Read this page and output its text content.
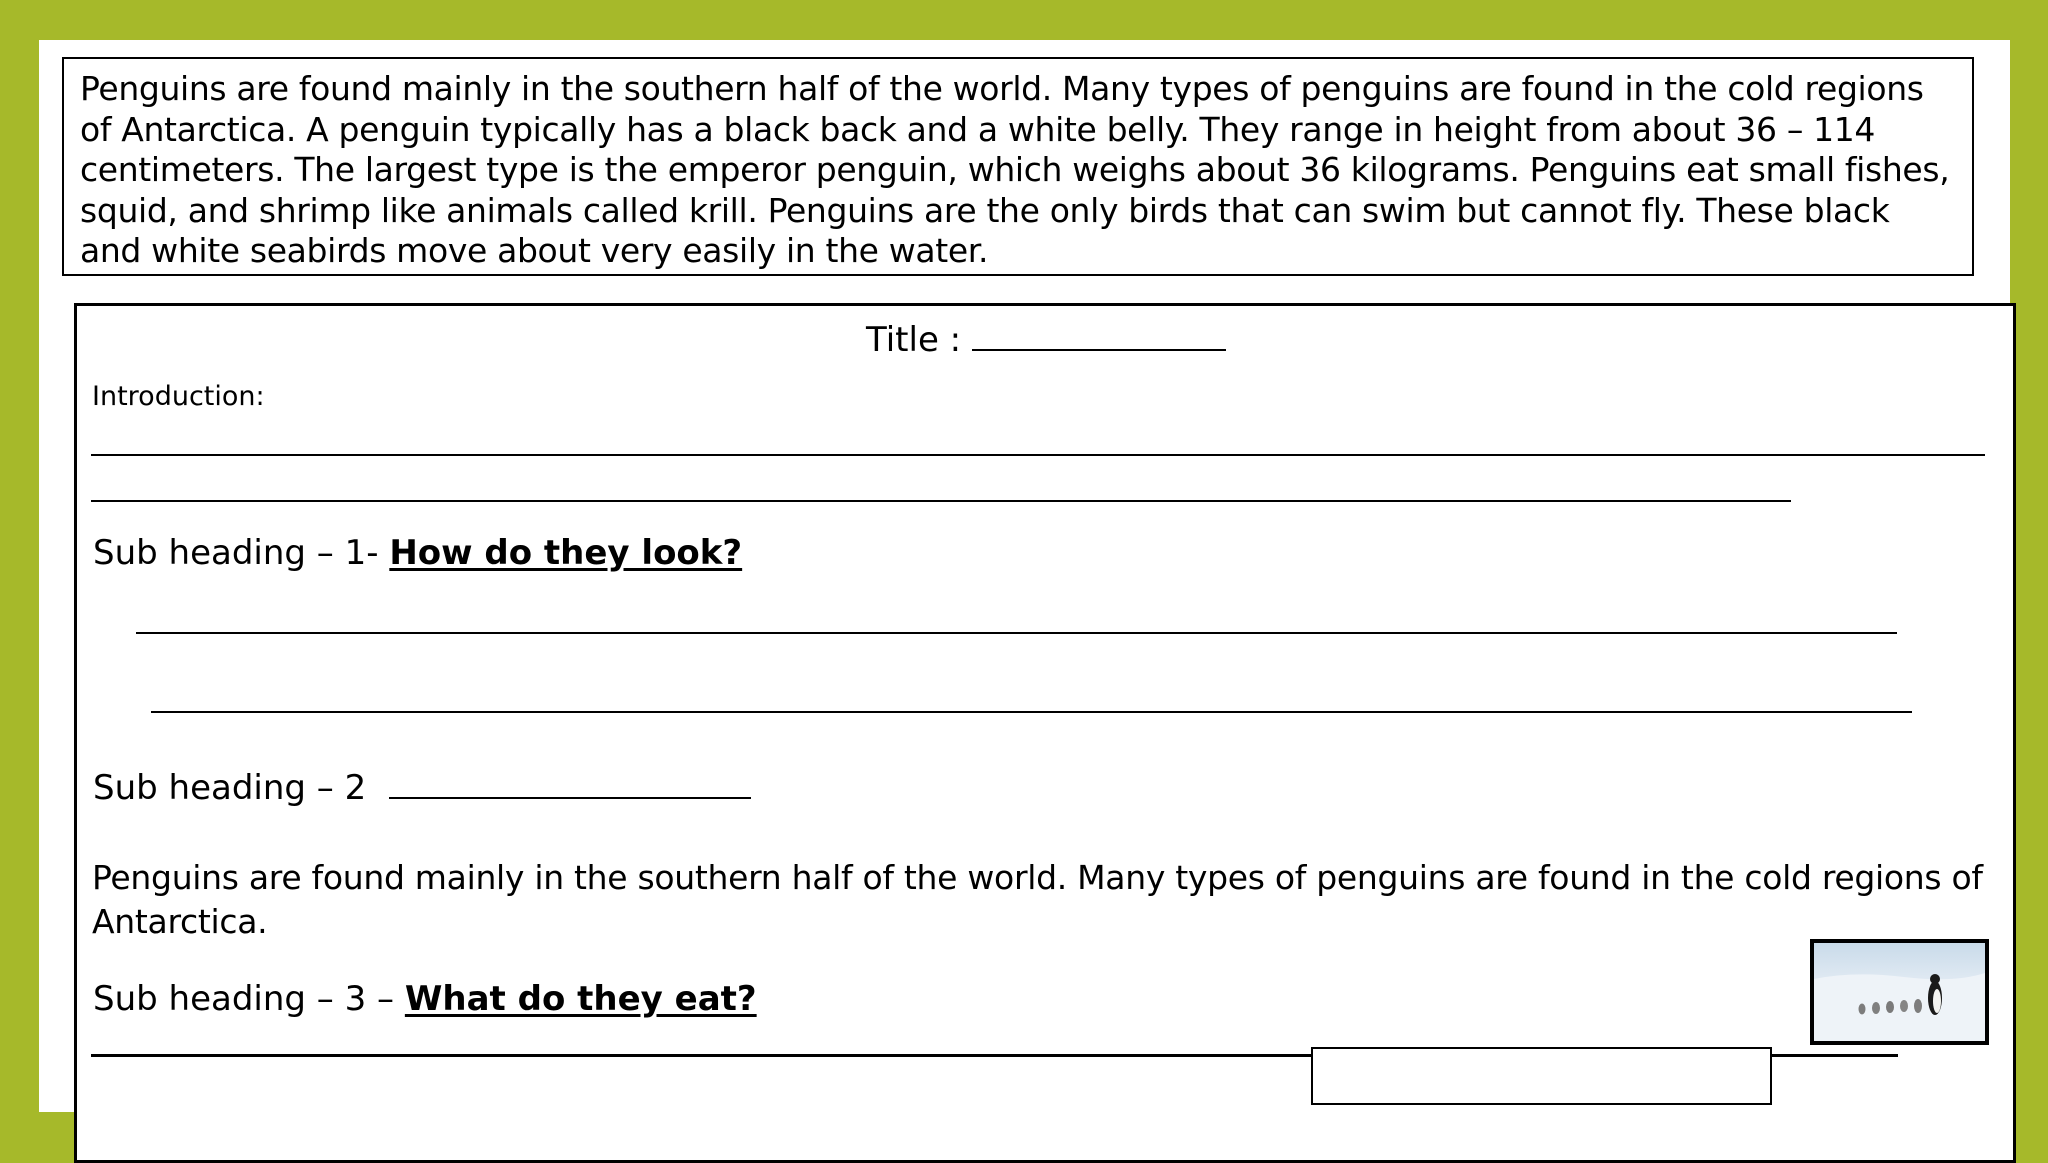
Penguins are found mainly in the southern half of the world. Many types of penguins are found in the cold regions of Antarctica. A penguin typically has a black back and a white belly. They range in height from about 36 – 114 centimeters. The largest type is the emperor penguin, which weighs about 36 kilograms. Penguins eat small fishes, squid, and shrimp like animals called krill. Penguins are the only birds that can swim but cannot fly. These black and white seabirds move about very easily in the water.
Title :
Introduction:
Sub heading – 1- How do they look?
Sub heading – 2
Penguins are found mainly in the southern half of the world. Many types of penguins are found in the cold regions of Antarctica.
Sub heading – 3 – What do they eat?
